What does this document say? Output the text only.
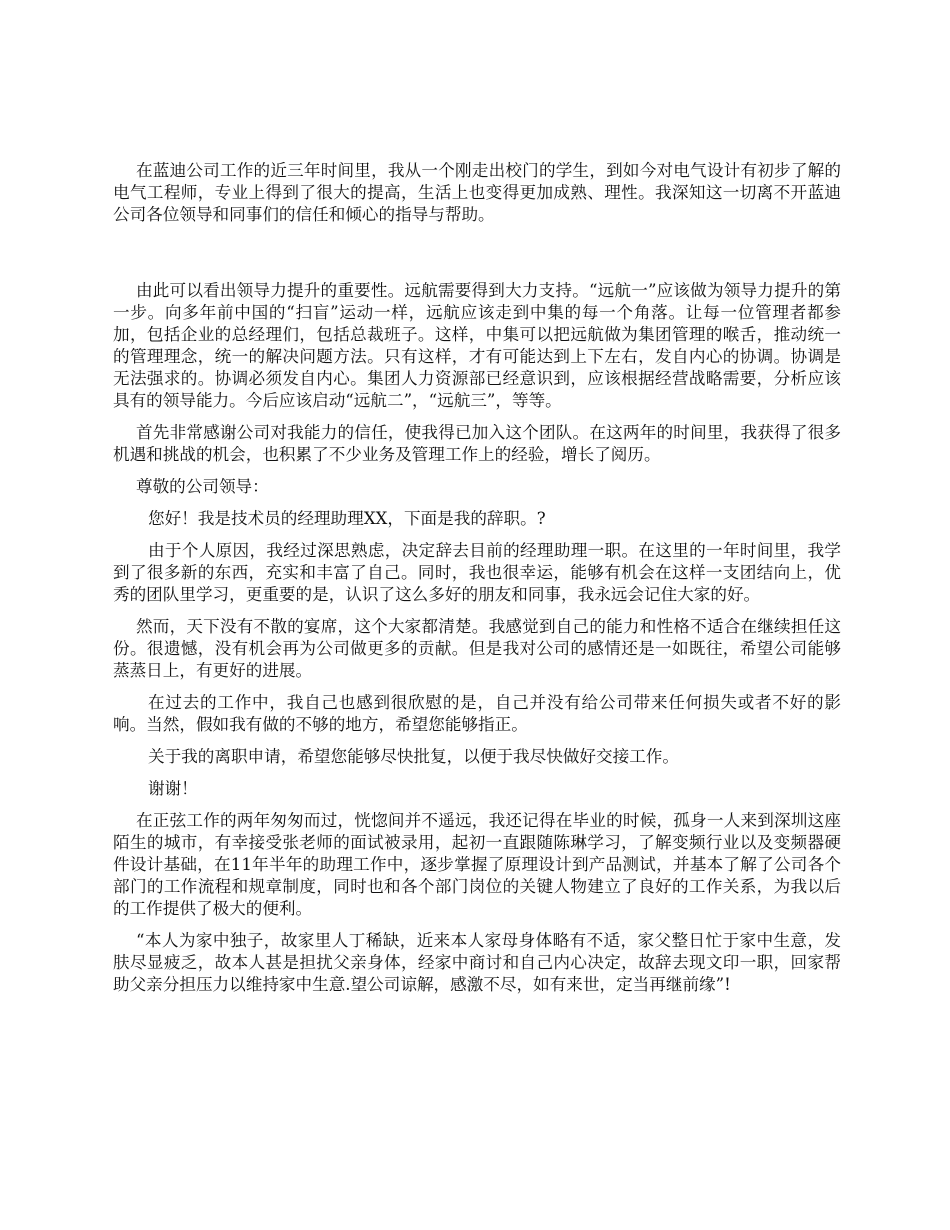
在蓝迪公司工作的近三年时间里，我从一个刚走出校门的学生，到如今对电气设计有初步了解的电气工程师，专业上得到了很大的提高，生活上也变得更加成熟、理性。我深知这一切离不开蓝迪公司各位领导和同事们的信任和倾心的指导与帮助。

由此可以看出领导力提升的重要性。远航需要得到大力支持。“远航一”应该做为领导力提升的第一步。向多年前中国的“扫盲”运动一样，远航应该走到中集的每一个角落。让每一位管理者都参加，包括企业的总经理们，包括总裁班子。这样，中集可以把远航做为集团管理的喉舌，推动统一的管理理念，统一的解决问题方法。只有这样，才有可能达到上下左右，发自内心的协调。协调是无法强求的。协调必须发自内心。集团人力资源部已经意识到，应该根据经营战略需要，分析应该具有的领导能力。今后应该启动“远航二”，“远航三”，等等。

首先非常感谢公司对我能力的信任，使我得已加入这个团队。在这两年的时间里，我获得了很多机遇和挑战的机会，也积累了不少业务及管理工作上的经验，增长了阅历。

尊敬的公司领导：

您好！我是技术员的经理助理XX，下面是我的辞职。?

由于个人原因，我经过深思熟虑，决定辞去目前的经理助理一职。在这里的一年时间里，我学到了很多新的东西，充实和丰富了自己。同时，我也很幸运，能够有机会在这样一支团结向上，优秀的团队里学习，更重要的是，认识了这么多好的朋友和同事，我永远会记住大家的好。

然而，天下没有不散的宴席，这个大家都清楚。我感觉到自己的能力和性格不适合在继续担任这份。很遗憾，没有机会再为公司做更多的贡献。但是我对公司的感情还是一如既往，希望公司能够蒸蒸日上，有更好的进展。

在过去的工作中，我自己也感到很欣慰的是，自己并没有给公司带来任何损失或者不好的影响。当然，假如我有做的不够的地方，希望您能够指正。

关于我的离职申请，希望您能够尽快批复，以便于我尽快做好交接工作。

谢谢！

在正弦工作的两年匆匆而过，恍惚间并不遥远，我还记得在毕业的时候，孤身一人来到深圳这座陌生的城市，有幸接受张老师的面试被录用，起初一直跟随陈琳学习，了解变频行业以及变频器硬件设计基础，在11年半年的助理工作中，逐步掌握了原理设计到产品测试，并基本了解了公司各个部门的工作流程和规章制度，同时也和各个部门岗位的关键人物建立了良好的工作关系，为我以后的工作提供了极大的便利。

“本人为家中独子，故家里人丁稀缺，近来本人家母身体略有不适，家父整日忙于家中生意，发肤尽显疲乏，故本人甚是担扰父亲身体，经家中商讨和自己内心决定，故辞去现文印一职，回家帮助父亲分担压力以维持家中生意.望公司谅解，感激不尽，如有来世，定当再继前缘”!
